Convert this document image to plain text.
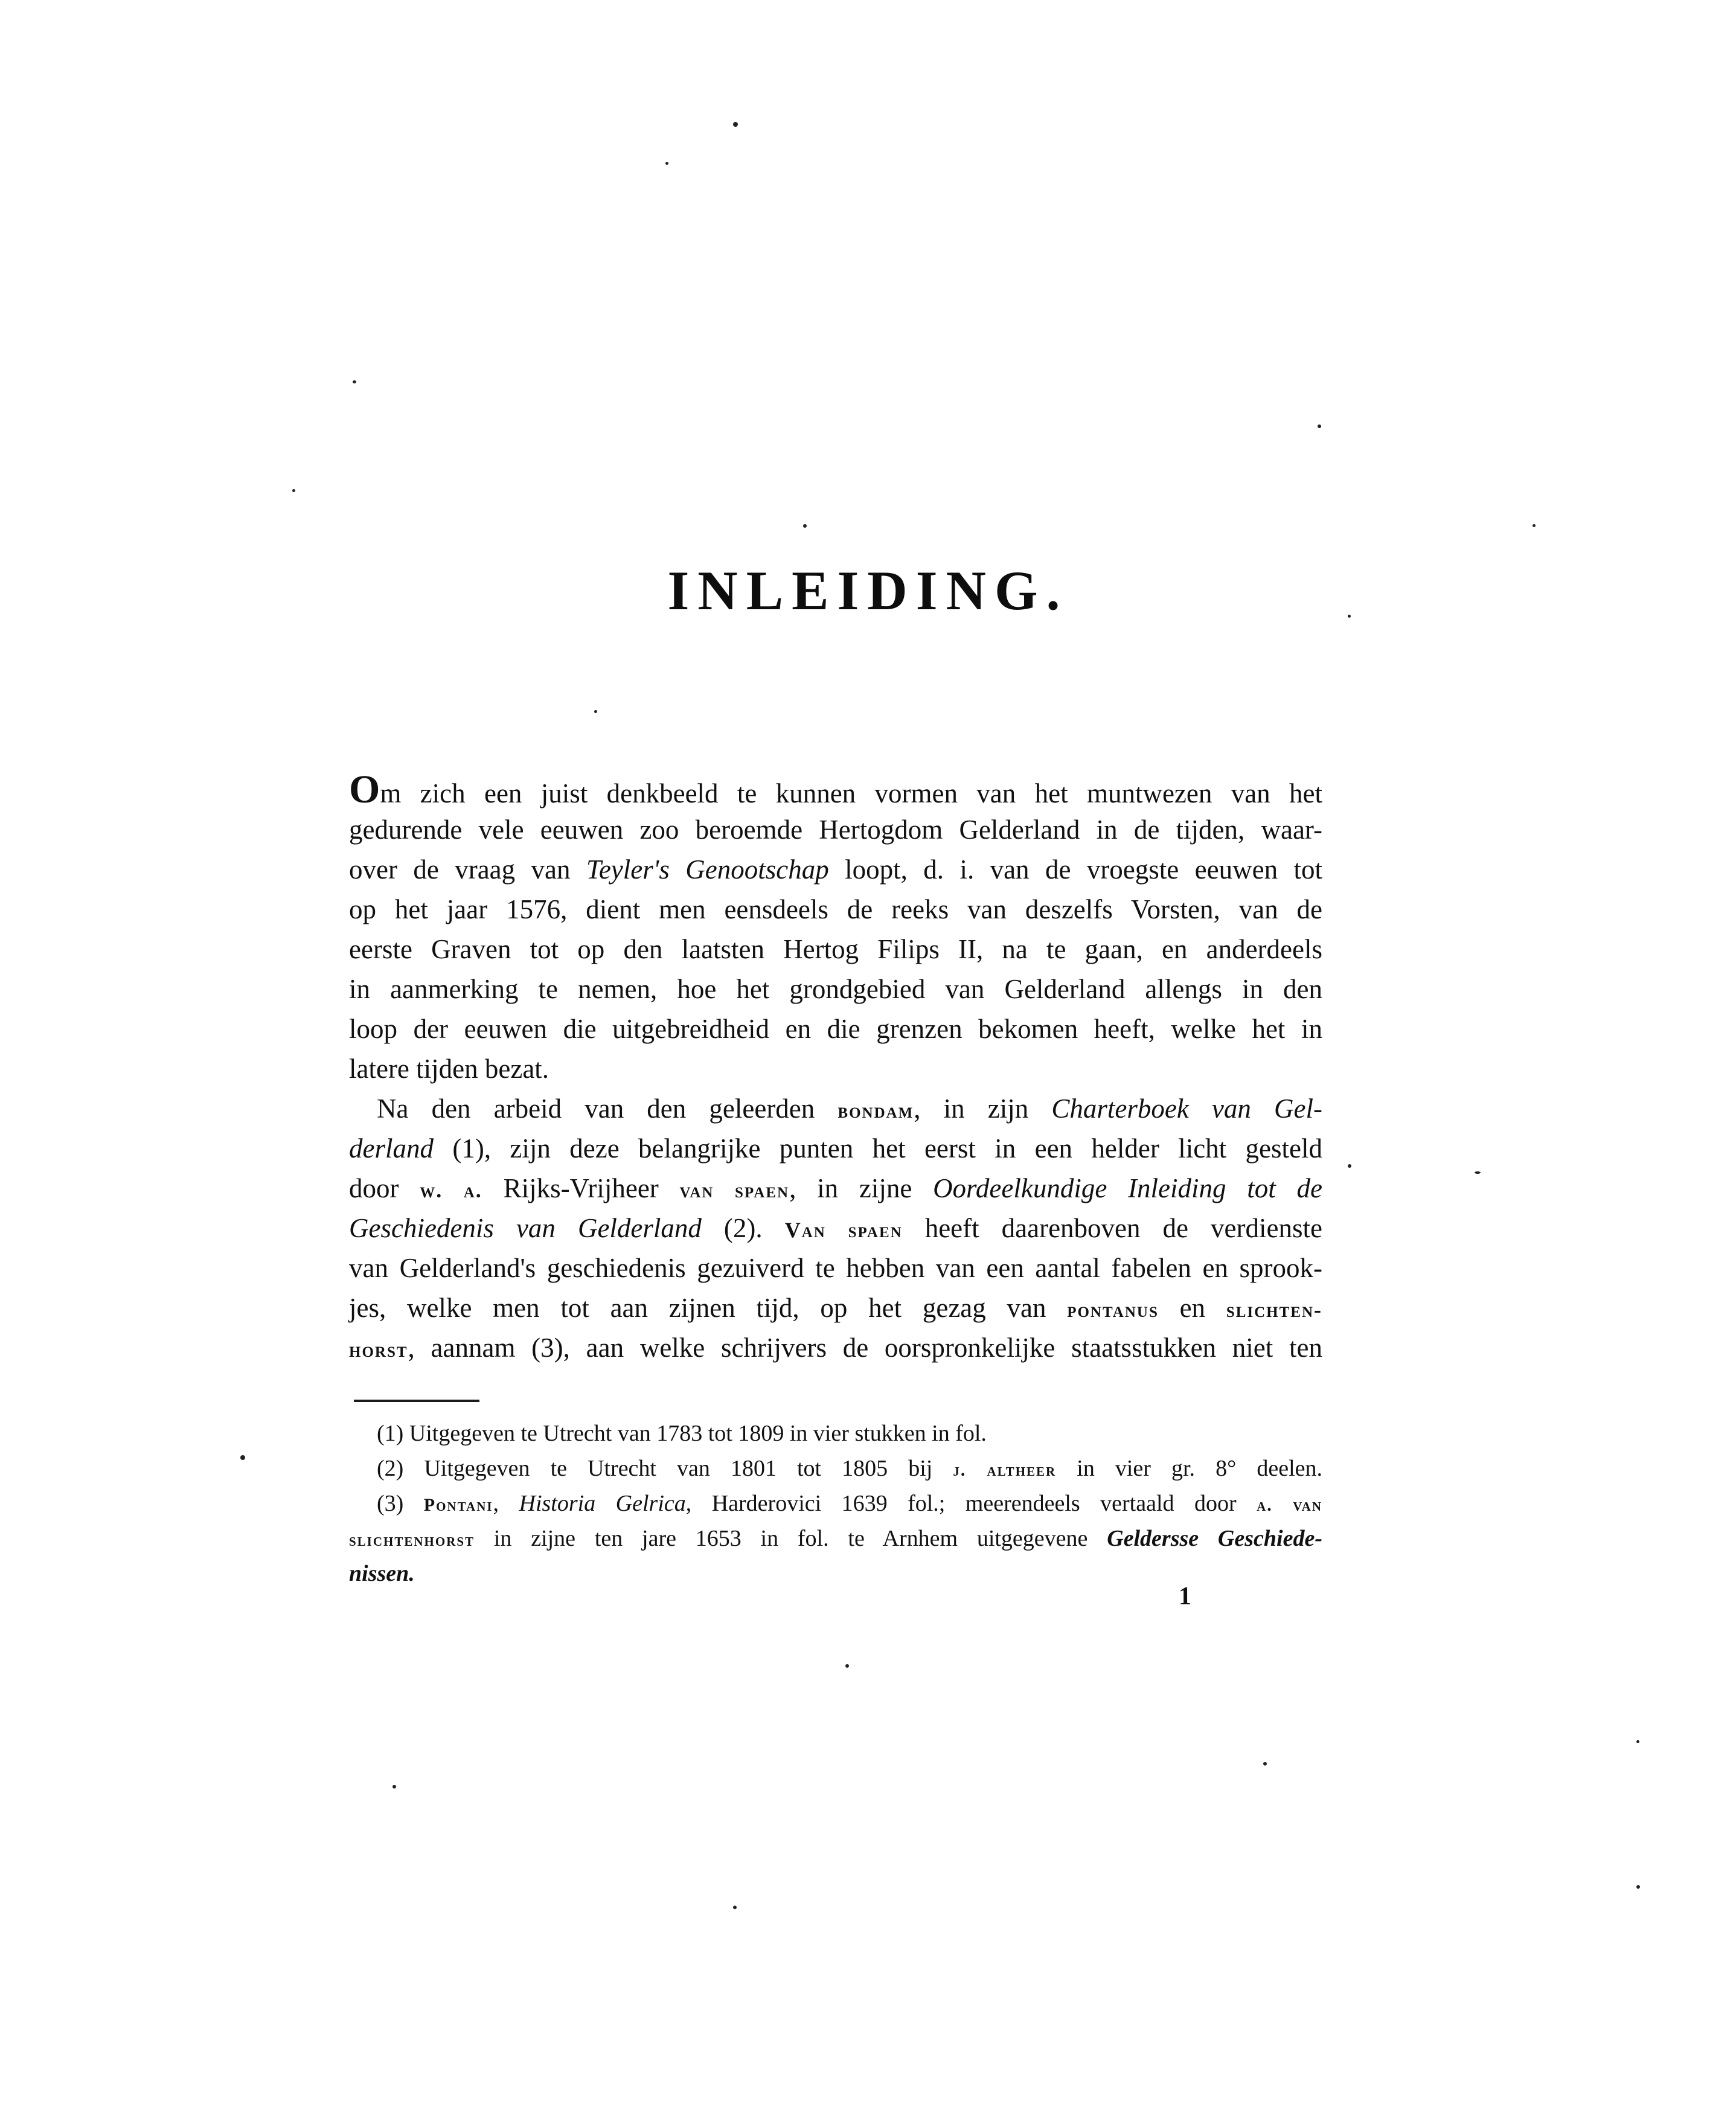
INLEIDING.
Om zich een juist denkbeeld te kunnen vormen van het muntwezen van het
gedurende vele eeuwen zoo beroemde Hertogdom Gelderland in de tijden, waar-
over de vraag van Teyler's Genootschap loopt, d. i. van de vroegste eeuwen tot
op het jaar 1576, dient men eensdeels de reeks van deszelfs Vorsten, van de
eerste Graven tot op den laatsten Hertog Filips II, na te gaan, en anderdeels
in aanmerking te nemen, hoe het grondgebied van Gelderland allengs in den
loop der eeuwen die uitgebreidheid en die grenzen bekomen heeft, welke het in
latere tijden bezat.
Na den arbeid van den geleerden bondam, in zijn Charterboek van Gel-
derland (1), zijn deze belangrijke punten het eerst in een helder licht gesteld
door w. a. Rijks-Vrijheer van spaen, in zijne Oordeelkundige Inleiding tot de
Geschiedenis van Gelderland (2). Van spaen heeft daarenboven de verdienste
van Gelderland's geschiedenis gezuiverd te hebben van een aantal fabelen en sprook-
jes, welke men tot aan zijnen tijd, op het gezag van pontanus en slichten-
horst, aannam (3), aan welke schrijvers de oorspronkelijke staatsstukken niet ten
(1) Uitgegeven te Utrecht van 1783 tot 1809 in vier stukken in fol.
(2) Uitgegeven te Utrecht van 1801 tot 1805 bij j. altheer in vier gr. 8° deelen.
(3) Pontani, Historia Gelrica, Harderovici 1639 fol.; meerendeels vertaald door a. van
slichtenhorst in zijne ten jare 1653 in fol. te Arnhem uitgegevene Geldersse Geschiede-
nissen.
1
